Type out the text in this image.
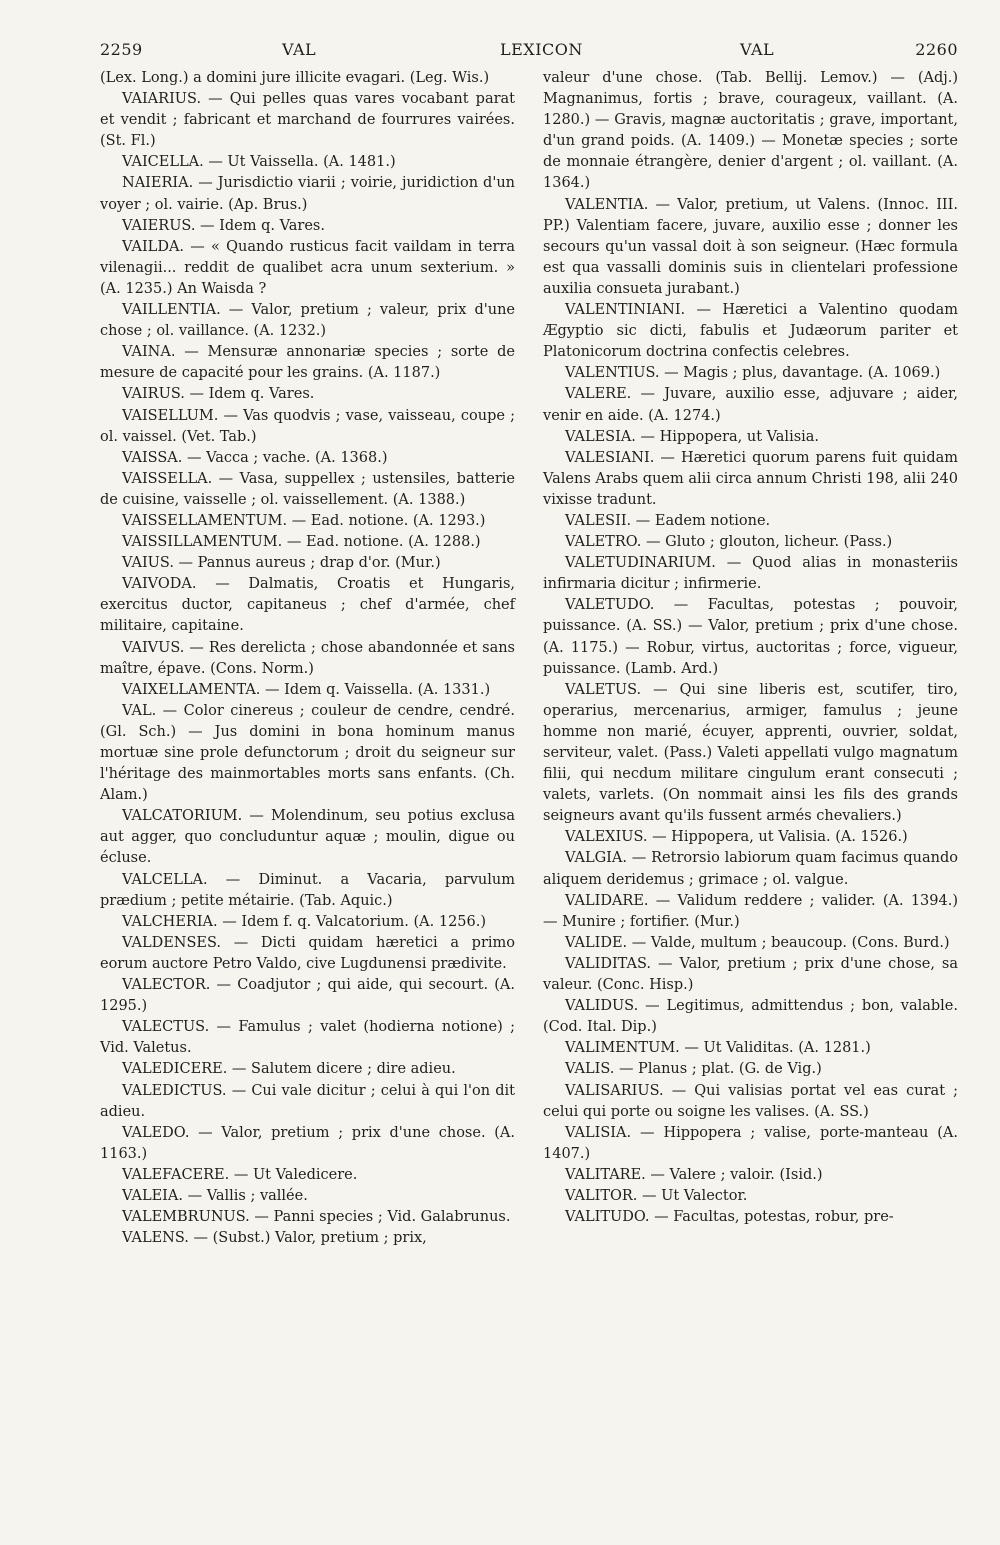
2259	VAL	LEXICON	VAL	2260

(Lex. Long.) a domini jure illicite evagari. (Leg. Wis.)

VAIARIUS. — Qui pelles quas vares vocabant parat et vendit ; fabricant et marchand de fourrures vairées. (St. Fl.)

VAICELLA. — Ut Vaissella. (A. 1481.)

NAIERIA. — Jurisdictio viarii ; voirie, juridiction d'un voyer ; ol. vairie. (Ap. Brus.)

VAIERUS. — Idem q. Vares.

VAILDA. — « Quando rusticus facit vaildam in terra vilenagii... reddit de qualibet acra unum sexterium. » (A. 1235.) An Waisda ?

VAILLENTIA. — Valor, pretium ; valeur, prix d'une chose ; ol. vaillance. (A. 1232.)

VAINA. — Mensuræ annonariæ species ; sorte de mesure de capacité pour les grains. (A. 1187.)

VAIRUS. — Idem q. Vares.

VAISELLUM. — Vas quodvis ; vase, vaisseau, coupe ; ol. vaissel. (Vet. Tab.)

VAISSA. — Vacca ; vache. (A. 1368.)

VAISSELLA. — Vasa, suppellex ; ustensiles, batterie de cuisine, vaisselle ; ol. vaissellement. (A. 1388.)

VAISSELLAMENTUM. — Ead. notione. (A. 1293.)

VAISSILLAMENTUM. — Ead. notione. (A. 1288.)

VAIUS. — Pannus aureus ; drap d'or. (Mur.)

VAIVODA. — Dalmatis, Croatis et Hungaris, exercitus ductor, capitaneus ; chef d'armée, chef militaire, capitaine.

VAIVUS. — Res derelicta ; chose abandonnée et sans maître, épave. (Cons. Norm.)

VAIXELLAMENTA. — Idem q. Vaissella. (A. 1331.)

VAL. — Color cinereus ; couleur de cendre, cendré. (Gl. Sch.) — Jus domini in bona hominum manus mortuæ sine prole defunctorum ; droit du seigneur sur l'héritage des mainmortables morts sans enfants. (Ch. Alam.)

VALCATORIUM. — Molendinum, seu potius exclusa aut agger, quo concluduntur aquæ ; moulin, digue ou écluse.

VALCELLA. — Diminut. a Vacaria, parvulum prædium ; petite métairie. (Tab. Aquic.)

VALCHERIA. — Idem f. q. Valcatorium. (A. 1256.)

VALDENSES. — Dicti quidam hæretici a primo eorum auctore Petro Valdo, cive Lugdunensi prædivite.

VALECTOR. — Coadjutor ; qui aide, qui secourt. (A. 1295.)

VALECTUS. — Famulus ; valet (hodierna notione) ; Vid. Valetus.

VALEDICERE. — Salutem dicere ; dire adieu.

VALEDICTUS. — Cui vale dicitur ; celui à qui l'on dit adieu.

VALEDO. — Valor, pretium ; prix d'une chose. (A. 1163.)

VALEFACERE. — Ut Valedicere.

VALEIA. — Vallis ; vallée.

VALEMBRUNUS. — Panni species ; Vid. Galabrunus.

VALENS. — (Subst.) Valor, pretium ; prix,

valeur d'une chose. (Tab. Bellij. Lemov.) — (Adj.) Magnanimus, fortis ; brave, courageux, vaillant. (A. 1280.) — Gravis, magnæ auctoritatis ; grave, important, d'un grand poids. (A. 1409.) — Monetæ species ; sorte de monnaie étrangère, denier d'argent ; ol. vaillant. (A. 1364.)

VALENTIA. — Valor, pretium, ut Valens. (Innoc. III. PP.) Valentiam facere, juvare, auxilio esse ; donner les secours qu'un vassal doit à son seigneur. (Hæc formula est qua vassalli dominis suis in clientelari professione auxilia consueta jurabant.)

VALENTINIANI. — Hæretici a Valentino quodam Ægyptio sic dicti, fabulis et Judæorum pariter et Platonicorum doctrina confectis celebres.

VALENTIUS. — Magis ; plus, davantage. (A. 1069.)

VALERE. — Juvare, auxilio esse, adjuvare ; aider, venir en aide. (A. 1274.)

VALESIA. — Hippopera, ut Valisia.

VALESIANI. — Hæretici quorum parens fuit quidam Valens Arabs quem alii circa annum Christi 198, alii 240 vixisse tradunt.

VALESII. — Eadem notione.

VALETRO. — Gluto ; glouton, licheur. (Pass.)

VALETUDINARIUM. — Quod alias in monasteriis infirmaria dicitur ; infirmerie.

VALETUDO. — Facultas, potestas ; pouvoir, puissance. (A. SS.) — Valor, pretium ; prix d'une chose. (A. 1175.) — Robur, virtus, auctoritas ; force, vigueur, puissance. (Lamb. Ard.)

VALETUS. — Qui sine liberis est, scutifer, tiro, operarius, mercenarius, armiger, famulus ; jeune homme non marié, écuyer, apprenti, ouvrier, soldat, serviteur, valet. (Pass.) Valeti appellati vulgo magnatum filii, qui necdum militare cingulum erant consecuti ; valets, varlets. (On nommait ainsi les fils des grands seigneurs avant qu'ils fussent armés chevaliers.)

VALEXIUS. — Hippopera, ut Valisia. (A. 1526.)

VALGIA. — Retrorsio labiorum quam facimus quando aliquem deridemus ; grimace ; ol. valgue.

VALIDARE. — Validum reddere ; valider. (A. 1394.) — Munire ; fortifier. (Mur.)

VALIDE. — Valde, multum ; beaucoup. (Cons. Burd.)

VALIDITAS. — Valor, pretium ; prix d'une chose, sa valeur. (Conc. Hisp.)

VALIDUS. — Legitimus, admittendus ; bon, valable. (Cod. Ital. Dip.)

VALIMENTUM. — Ut Validitas. (A. 1281.)

VALIS. — Planus ; plat. (G. de Vig.)

VALISARIUS. — Qui valisias portat vel eas curat ; celui qui porte ou soigne les valises. (A. SS.)

VALISIA. — Hippopera ; valise, porte-manteau (A. 1407.)

VALITARE. — Valere ; valoir. (Isid.)

VALITOR. — Ut Valector.

VALITUDO. — Facultas, potestas, robur, pre-
